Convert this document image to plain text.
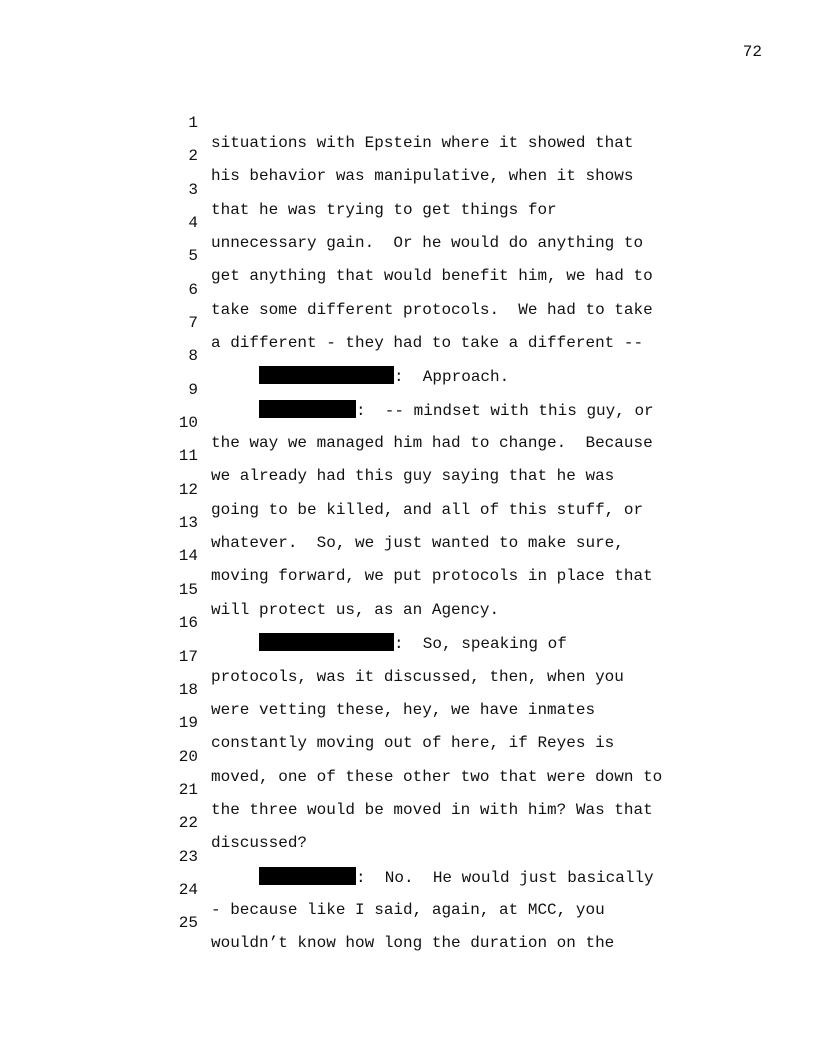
72

1

situations with Epstein where it showed that

2

his behavior was manipulative, when it shows

3

that he was trying to get things for

4

unnecessary gain.  Or he would do anything to

5

get anything that would benefit him, we had to

6

take some different protocols.  We had to take

7

a different - they had to take a different --

8

:  Approach.

9

:  -- mindset with this guy, or

10

the way we managed him had to change.  Because

11

we already had this guy saying that he was

12

going to be killed, and all of this stuff, or

13

whatever.  So, we just wanted to make sure,

14

moving forward, we put protocols in place that

15

will protect us, as an Agency.

16

:  So, speaking of

17

protocols, was it discussed, then, when you

18

were vetting these, hey, we have inmates

19

constantly moving out of here, if Reyes is

20

moved, one of these other two that were down to

21

the three would be moved in with him? Was that

22

discussed?

23

:  No.  He would just basically

24

- because like I said, again, at MCC, you

25

wouldn’t know how long the duration on the
